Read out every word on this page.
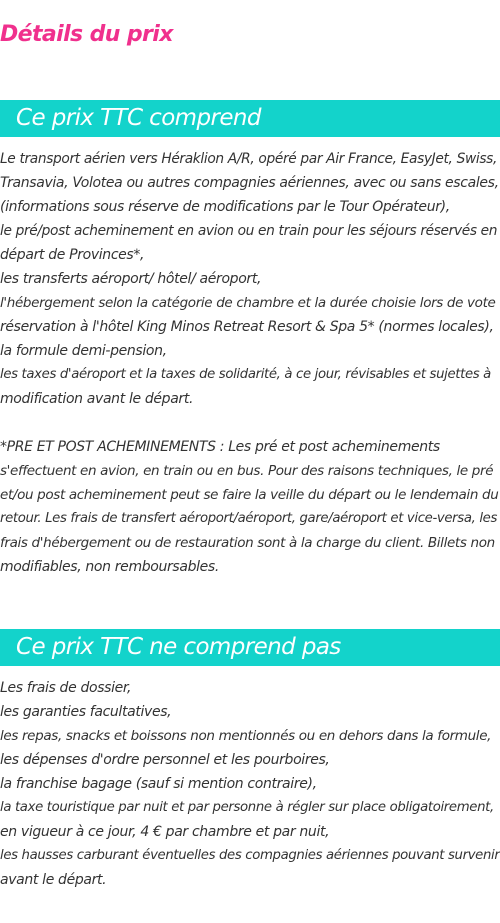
Détails du prix
Ce prix TTC comprend
Le transport aérien vers Héraklion A/R, opéré par Air France, EasyJet, Swiss,
Transavia, Volotea ou autres compagnies aériennes, avec ou sans escales,
(informations sous réserve de modifications par le Tour Opérateur),
le pré/post acheminement en avion ou en train pour les séjours réservés en
départ de Provinces*,
les transferts aéroport/ hôtel/ aéroport,
l'hébergement selon la catégorie de chambre et la durée choisie lors de vote
réservation à l'hôtel King Minos Retreat Resort & Spa 5* (normes locales),
la formule demi-pension,
les taxes d'aéroport et la taxes de solidarité, à ce jour, révisables et sujettes à
modification avant le départ.
*PRE ET POST ACHEMINEMENTS : Les pré et post acheminements
s'effectuent en avion, en train ou en bus. Pour des raisons techniques, le pré
et/ou post acheminement peut se faire la veille du départ ou le lendemain du
retour. Les frais de transfert aéroport/aéroport, gare/aéroport et vice-versa, les
frais d'hébergement ou de restauration sont à la charge du client. Billets non
modifiables, non remboursables.
Ce prix TTC ne comprend pas
Les frais de dossier,
les garanties facultatives,
les repas, snacks et boissons non mentionnés ou en dehors dans la formule,
les dépenses d'ordre personnel et les pourboires,
la franchise bagage (sauf si mention contraire),
la taxe touristique par nuit et par personne à régler sur place obligatoirement,
en vigueur à ce jour, 4 € par chambre et par nuit,
les hausses carburant éventuelles des compagnies aériennes pouvant survenir
avant le départ.
